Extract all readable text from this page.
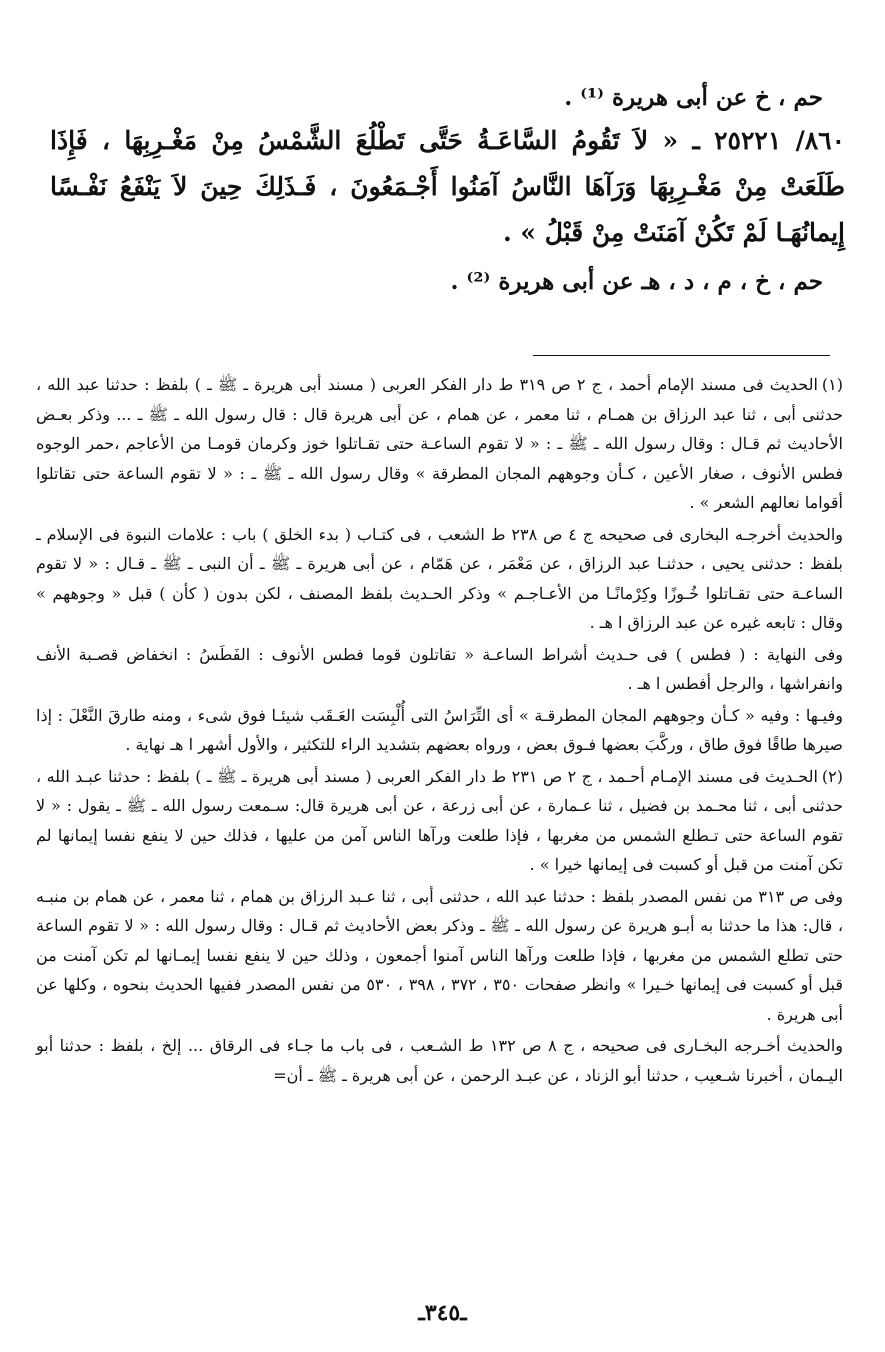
حم ، خ عن أبى هريرة ⁽¹⁾ .

٨٦٠/ ٢٥٢٢١ ـ « لاَ تَقُومُ السَّاعَـةُ حَتَّى تَطْلُعَ الشَّمْسُ مِنْ مَغْـرِبِهَا ، فَإِذَا طَلَعَتْ مِنْ مَغْـرِبِهَا وَرَآهَا النَّاسُ آمَنُوا أَجْـمَعُونَ ، فَـذَلِكَ حِينَ لاَ يَنْفَعُ نَفْـسًا إِيمانُهَـا لَمْ تَكُنْ آمَنَتْ مِنْ قَبْلُ » .

حم ، خ ، م ، د ، هـ عن أبى هريرة ⁽²⁾ .

(١)الحديث فى مسند الإمام أحمد ، ج ٢ ص ٣١٩ ط دار الفكر العربى ( مسند أبى هريرة ـ ﷺ ـ ) بلفظ : حدثنا عبد الله ، حدثنى أبى ، ثنا عبد الرزاق بن همـام ، ثنا معمر ، عن همام ، عن أبى هريرة قال : قال رسول الله ـ ﷺ ـ ... وذكر بعـض الأحاديث ثم قـال : وقال رسول الله ـ ﷺ ـ : « لا تقوم الساعـة حتى تقـاتلوا خوز وكرمان قومـا من الأعاجم ،حمر الوجوه فطس الأنوف ، صغار الأعين ، كـأن وجوههم المجان المطرقة » وقال رسول الله ـ ﷺ ـ : « لا تقوم الساعة حتى تقاتلوا أقواما نعالهم الشعر » .

والحديث أخرجـه البخارى فى صحيحه ج ٤ ص ٢٣٨ ط الشعب ، فى كتـاب ( بدء الخلق ) باب : علامات النبوة فى الإسلام ـ بلفظ : حدثنى يحيى ، حدثنـا عبد الرزاق ، عن مَعْمَر ، عن هَمّام ، عن أبى هريرة ـ ﷺ ـ أن النبى ـ ﷺ ـ قـال : « لا تقوم الساعـة حتى تقـاتلوا خُـوزًا وكِرْمانًـا من الأعـاجـم » وذكر الحـديث بلفظ المصنف ، لكن بدون ( كأن ) قبل « وجوههم » وقال : تابعه غيره عن عبد الرزاق ا هـ .

وفى النهاية : ( فطس ) فى حـديث أشراط الساعـة « تقاتلون قوما فطس الأنوف : الفَطَسُ : انخفاض قصـبة الأنف وانفراشها ، والرجل أفطس ا هـ .

وفيـها : وفيه « كـأن وجوههم المجان المطرقـة » أى التِّرَاسُ التى أُلْبِسَت العَـقَب شيئـا فوق شىء ، ومنه طارقَ النَّعْلَ : إذا صيرها طاقًا فوق طاق ، وركَّبَ بعضها فـوق بعض ، ورواه بعضهم بتشديد الراء للتكثير ، والأول أشهر ا هـ نهاية .

(٢)الحـديث فى مسند الإمـام أحـمد ، ج ٢ ص ٢٣١ ط دار الفكر العربى ( مسند أبى هريرة ـ ﷺ ـ ) بلفظ : حدثنا عبـد الله ، حدثنى أبى ، ثنا محـمد بن فضيل ، ثنا عـمارة ، عن أبى زرعة ، عن أبى هريرة قال: سـمعت رسول الله ـ ﷺ ـ يقول : « لا تقوم الساعة حتى تـطلع الشمس من مغربها ، فإذا طلعت ورآها الناس آمن من عليها ، فذلك حين لا ينفع نفسا إيمانها لم تكن آمنت من قبل أو كسبت فى إيمانها خيرا » .

وفى ص ٣١٣ من نفس المصدر بلفظ : حدثنا عبد الله ، حدثنى أبى ، ثنا عـبد الرزاق بن همام ، ثنا معمر ، عن همام بن منبـه ، قال: هذا ما حدثنا به أبـو هريرة عن رسول الله ـ ﷺ ـ وذكر بعض الأحاديث ثم قـال : وقال رسول الله : « لا تقوم الساعة حتى تطلع الشمس من مغربها ، فإذا طلعت ورآها الناس آمنوا أجمعون ، وذلك حين لا ينفع نفسا إيمـانها لم تكن آمنت من قبل أو كسبت فى إيمانها خـيرا » وانظر صفحات ٣٥٠ ، ٣٧٢ ، ٣٩٨ ، ٥٣٠ من نفس المصدر ففيها الحديث بنحوه ، وكلها عن أبى هريرة .

والحديث أخـرجه البخـارى فى صحيحه ، ج ٨ ص ١٣٢ ط الشـعب ، فى باب ما جـاء فى الرقاق ... إلخ ، بلفظ : حدثنا أبو اليـمان ، أخبرنا شـعيب ، حدثنا أبو الزناد ، عن عبـد الرحمن ، عن أبى هريرة ـ ﷺ ـ أن=

ـ٣٤٥ـ
